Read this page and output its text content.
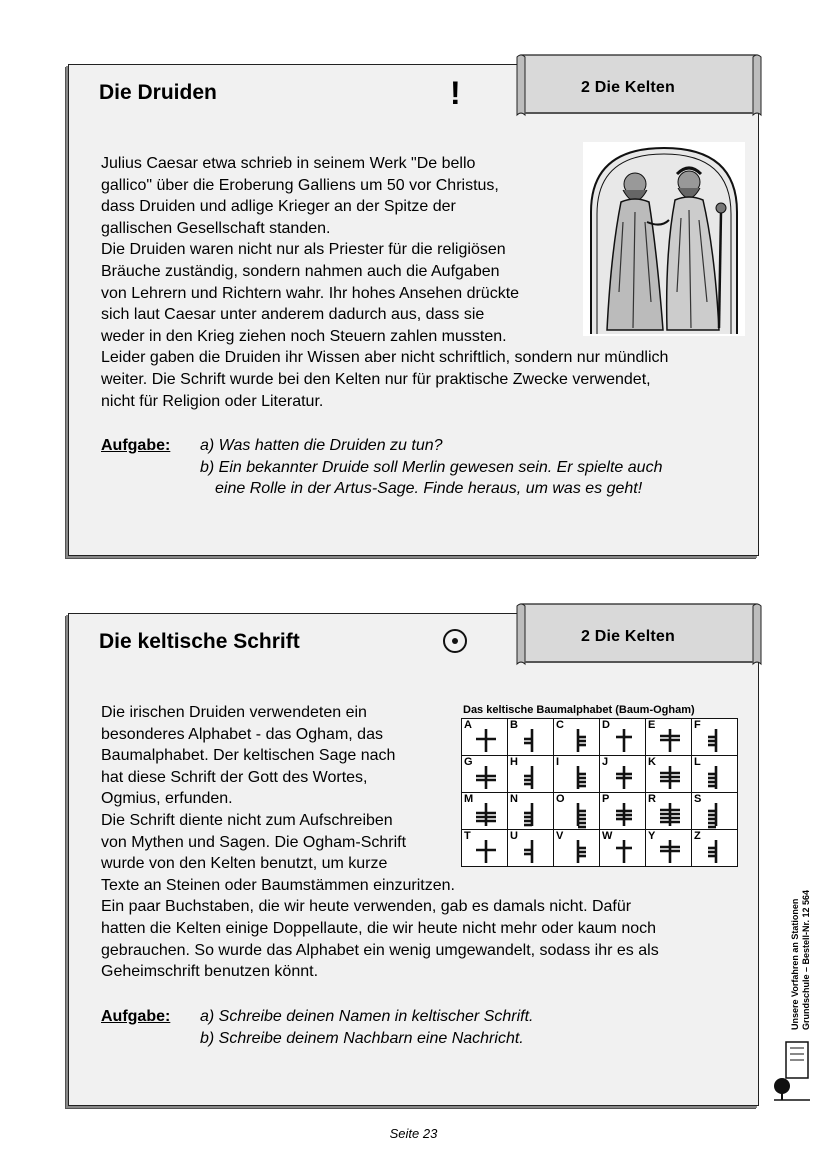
Die Druiden	!	2 Die Kelten
Julius Caesar etwa schrieb in seinem Werk "De bello
gallico" über die Eroberung Galliens um 50 vor Christus,
dass Druiden und adlige Krieger an der Spitze der
gallischen Gesellschaft standen.
Die Druiden waren nicht nur als Priester für die religiösen
Bräuche zuständig, sondern nahmen auch die Aufgaben
von Lehrern und Richtern wahr. Ihr hohes Ansehen drückte
sich laut Caesar unter anderem dadurch aus, dass sie
weder in den Krieg ziehen noch Steuern zahlen mussten.
Leider gaben die Druiden ihr Wissen aber nicht schriftlich, sondern nur mündlich
weiter. Die Schrift wurde bei den Kelten nur für praktische Zwecke verwendet,
nicht für Religion oder Literatur.
Aufgabe: a) Was hatten die Druiden zu tun?
b) Ein bekannter Druide soll Merlin gewesen sein. Er spielte auch
eine Rolle in der Artus-Sage. Finde heraus, um was es geht!
Die keltische Schrift	2 Die Kelten
Die irischen Druiden verwendeten ein
besonderes Alphabet - das Ogham, das
Baumalphabet. Der keltischen Sage nach
hat diese Schrift der Gott des Wortes,
Ogmius, erfunden.
Die Schrift diente nicht zum Aufschreiben
von Mythen und Sagen. Die Ogham-Schrift
wurde von den Kelten benutzt, um kurze
Texte an Steinen oder Baumstämmen einzuritzen.
Ein paar Buchstaben, die wir heute verwenden, gab es damals nicht. Dafür
hatten die Kelten einige Doppellaute, die wir heute nicht mehr oder kaum noch
gebrauchen. So wurde das Alphabet ein wenig umgewandelt, sodass ihr es als
Geheimschrift benutzen könnt.
Das keltische Baumalphabet (Baum-Ogham)
A	B	C	D	E	F

G	H	I	J	K	L

M	N	O	P	R	S

T	U	V	W	Y	Z
Aufgabe: a) Schreibe deinen Namen in keltischer Schrift.
b) Schreibe deinem Nachbarn eine Nachricht.
Unsere Vorfahren an Stationen Grundschule – Bestell-Nr. 12 564
Seite 23
